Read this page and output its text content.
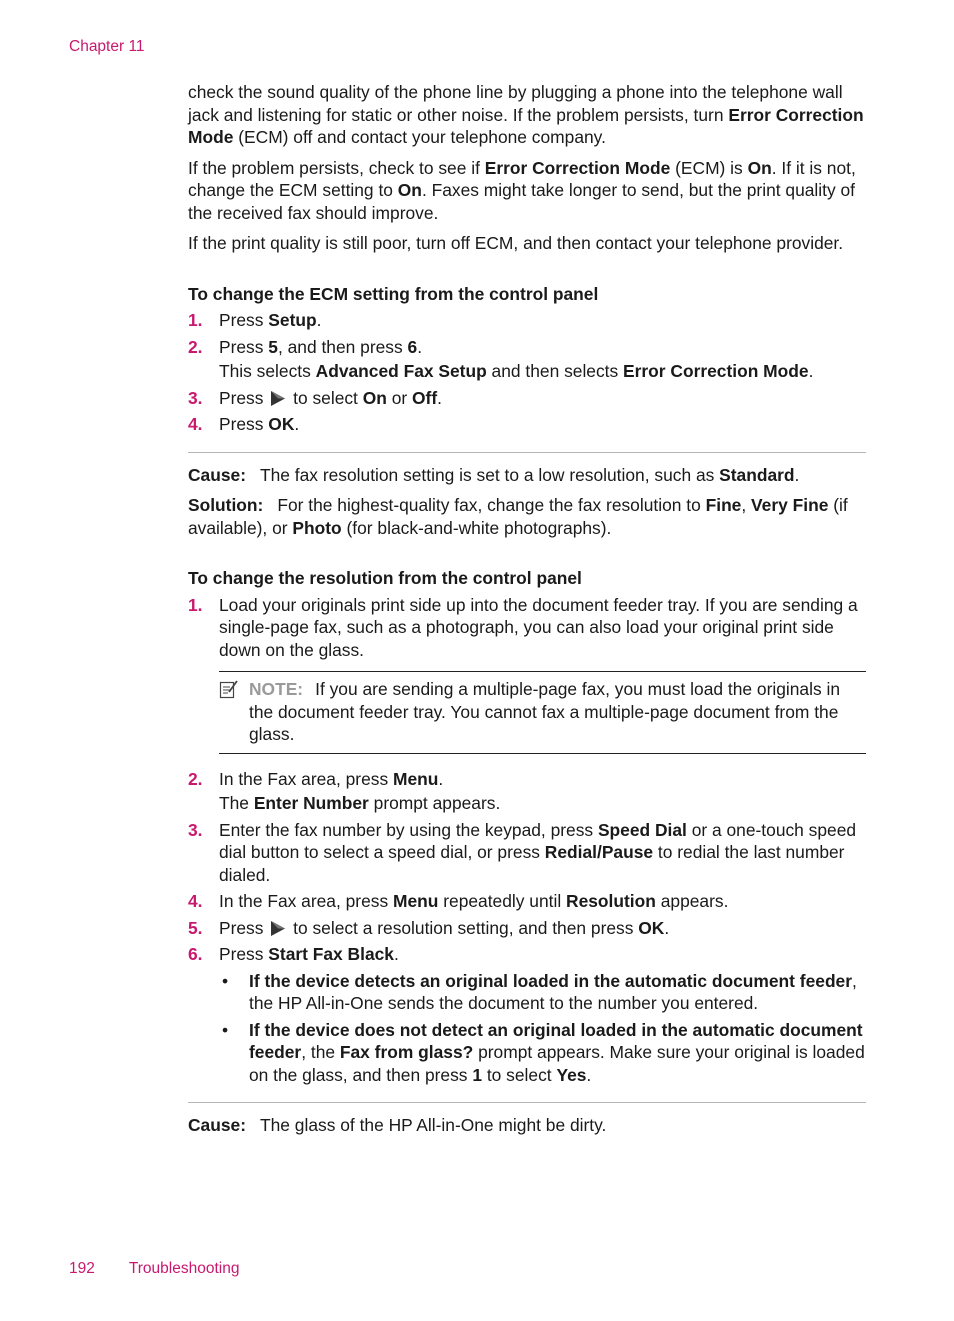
Chapter 11

check the sound quality of the phone line by plugging a phone into the telephone wall jack and listening for static or other noise. If the problem persists, turn Error Correction Mode (ECM) off and contact your telephone company.

If the problem persists, check to see if Error Correction Mode (ECM) is On. If it is not, change the ECM setting to On. Faxes might take longer to send, but the print quality of the received fax should improve.

If the print quality is still poor, turn off ECM, and then contact your telephone provider.

To change the ECM setting from the control panel
1. Press Setup.
2. Press 5, and then press 6.
This selects Advanced Fax Setup and then selects Error Correction Mode.
3. Press  to select On or Off.
4. Press OK.

Cause: The fax resolution setting is set to a low resolution, such as Standard.

Solution: For the highest-quality fax, change the fax resolution to Fine, Very Fine (if available), or Photo (for black-and-white photographs).

To change the resolution from the control panel
1. Load your originals print side up into the document feeder tray. If you are sending a single-page fax, such as a photograph, you can also load your original print side down on the glass.
NOTE: If you are sending a multiple-page fax, you must load the originals in the document feeder tray. You cannot fax a multiple-page document from the glass.
2. In the Fax area, press Menu.
The Enter Number prompt appears.
3. Enter the fax number by using the keypad, press Speed Dial or a one-touch speed dial button to select a speed dial, or press Redial/Pause to redial the last number dialed.
4. In the Fax area, press Menu repeatedly until Resolution appears.
5. Press  to select a resolution setting, and then press OK.
6. Press Start Fax Black.
• If the device detects an original loaded in the automatic document feeder, the HP All-in-One sends the document to the number you entered.
• If the device does not detect an original loaded in the automatic document feeder, the Fax from glass? prompt appears. Make sure your original is loaded on the glass, and then press 1 to select Yes.

Cause: The glass of the HP All-in-One might be dirty.

192 Troubleshooting
